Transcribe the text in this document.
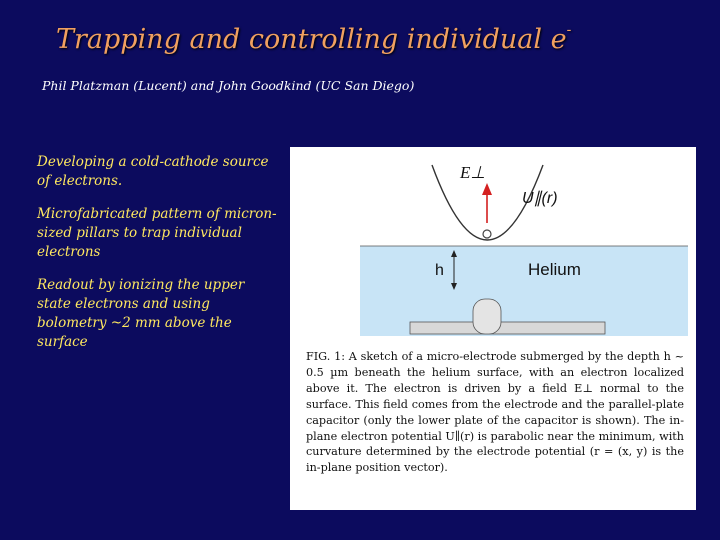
Trapping and controlling individual e-
Phil Platzman (Lucent) and John Goodkind (UC San Diego)

Developing a cold-cathode source of electrons.

Microfabricated pattern of micron-sized pillars to trap individual electrons

Readout by ionizing the upper state electrons and using bolometry ~2 mm above the surface

E⊥
U∥(r)
h	Helium
FIG. 1: A sketch of a micro-electrode submerged by the depth h ~ 0.5 µm beneath the helium surface, with an electron localized above it. The electron is driven by a field E⊥ normal to the surface. This field comes from the electrode and the parallel-plate capacitor (only the lower plate of the capacitor is shown). The in-plane electron potential U∥(r) is parabolic near the minimum, with curvature determined by the electrode potential (r = (x, y) is the in-plane position vector).
